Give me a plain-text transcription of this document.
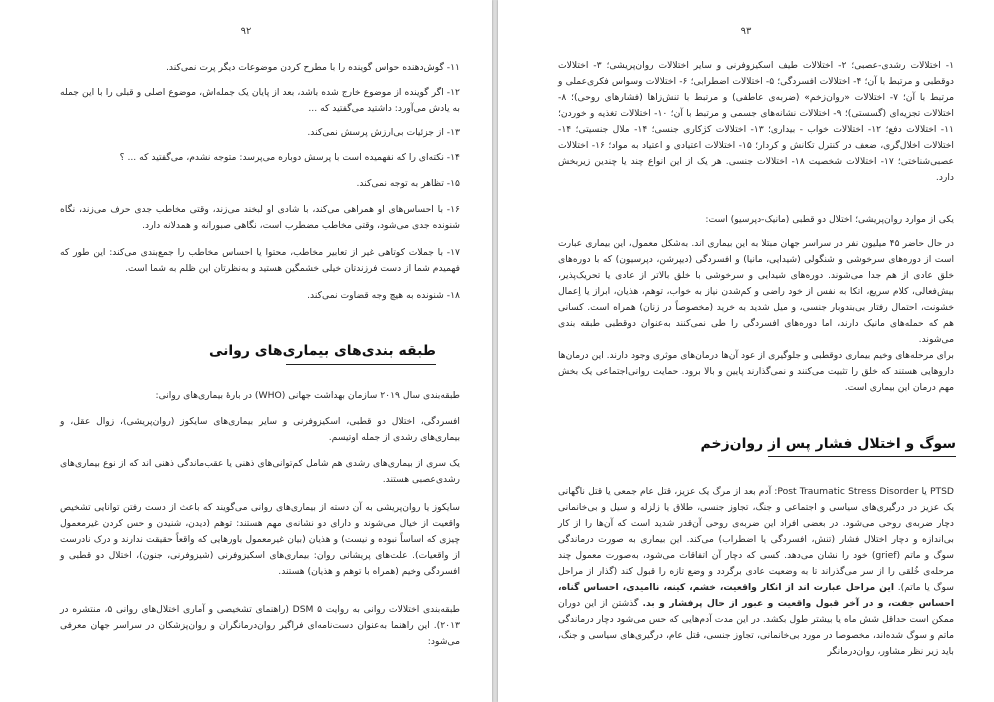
۹۲
۱۱- گوش‌دهنده حواس گوینده را با مطرح کردن موضوعات دیگر پرت نمی‌کند.
۱۲- اگر گوینده از موضوع خارج شده باشد، بعد از پایان یک جمله‌اش، موضوع اصلی و قبلی را با این جمله به یادش می‌آورد: داشتید می‌گفتید که ...
۱۳- از جزئیات بی‌ارزش پرسش نمی‌کند.
۱۴- نکته‌ای را که نفهمیده است با پرسش دوباره می‌پرسد: متوجه نشدم، می‌گفتید که ... ؟
۱۵- تظاهر به توجه نمی‌کند.
۱۶- با احساس‌های او همراهی می‌کند، با شادی او لبخند می‌زند، وقتی مخاطب جدی حرف می‌زند، نگاه شنونده جدی می‌شود، وقتی مخاطب مضطرب است، نگاهی صبورانه و همدلانه دارد.
۱۷- با جملات کوتاهی غیر از تعابیر مخاطب، محتوا یا احساس مخاطب را جمع‌بندی می‌کند: این طور که فهمیدم شما از دست فرزندتان خیلی خشمگین هستید و به‌نظرتان این ظلم به شما است.
۱۸- شنونده به هیچ وجه قضاوت نمی‌کند.
طبقه بندی‌های بیماری‌های روانی
طبقه‌بندی سال ۲۰۱۹ سازمان بهداشت جهانی (WHO) در بارهٔ بیماری‌های روانی:
افسردگی، اختلال دو قطبی، اسکیزوفرنی و سایر بیماری‌های سایکوز (روان‌پریشی)، زوال عقل، و بیماری‌های رشدی از جمله اوتیسم.
یک سری از بیماری‌های رشدی هم شامل کم‌توانی‌های ذهنی یا عقب‌ماندگی ذهنی اند که از نوع بیماری‌های رشدی‌عصبی هستند.
سایکوز یا روان‌پریشی به آن دسته از بیماری‌های روانی می‌گویند که باعث از دست رفتن توانایی تشخیص واقعیت از خیال می‌شوند و دارای دو نشانه‌ی مهم هستند: توهم (دیدن، شنیدن و حس کردن غیرمعمول چیزی که اساساً نبوده و نیست) و هذیان (بیان غیرمعمول باورهایی که واقعاً حقیقت ندارند و درک نادرست از واقعیات). علت‌های پریشانی روان: بیماری‌های اسکیزوفرنی (شیزوفرنی، جنون)، اختلال دو قطبی و افسردگی وخیم (همراه با توهم و هذیان) هستند.
طبقه‌بندی اختلالات روانی به روایت DSM ۵ (راهنمای تشخیصی و آماری اختلال‌های روانی ۵، منتشره در ۲۰۱۳). این راهنما به‌عنوان دست‌نامه‌ای فراگیر روان‌درمانگران و روان‌پزشکان در سراسر جهان معرفی می‌شود:
۹۳
۱- اختلالات رشدی-عصبی؛ ۲- اختلالات طیف اسکیزوفرنی و سایر اختلالات روان‌پریشی؛ ۳- اختلالات دوقطبی و مرتبط با آن؛ ۴- اختلالات افسردگی؛ ۵- اختلالات اضطرابی؛ ۶- اختلالات وسواس فکری‌عملی و مرتبط با آن؛ ۷- اختلالات «روان‌زخم» (ضربه‌ی عاطفی) و مرتبط با تنش‌زاها (فشارهای روحی)؛ ۸- اختلالات تجزیه‌ای (گسستی)؛ ۹- اختلالات نشانه‌های جسمی و مرتبط با آن؛ ۱۰- اختلالات تغذیه و خوردن؛ ۱۱- اختلالات دفع؛ ۱۲- اختلالات خواب - بیداری؛ ۱۳- اختلالات کژکاری جنسی؛ ۱۴- ملال جنسیتی؛ ۱۴- اختلالات اخلال‌گری، ضعف در کنترل تکانش و کردار؛ ۱۵- اختلالات اعتیادی و اعتیاد به مواد؛ ۱۶- اختلالات عصبی‌شناختی؛ ۱۷- اختلالات شخصیت ۱۸- اختلالات جنسی. هر یک از این انواع چند یا چندین زیربخش دارد.
یکی از موارد روان‌پریشی؛ اختلال دو قطبی (مانیک-دپرسیو) است:
در حال حاضر ۴۵ میلیون نفر در سراسر جهان مبتلا به این بیماری اند. به‌شکل معمول، این بیماری عبارت است از دوره‌های سرخوشی و شنگولی (شیدایی، مانیا) و افسردگی (دیپرشن، دپرسیون) که با دوره‌های خلق عادی از هم جدا می‌شوند. دوره‌های شیدایی و سرخوشی با خلق بالاتر از عادی یا تحریک‌پذیر، بیش‌فعالی، کلام سریع، اتکا به نفس از خود راضی و کم‌شدن نیاز به خواب، توهم، هذیان، ابراز یا اِعمال خشونت، احتمال رفتار بی‌بندوبار جنسی، و میل شدید به خرید (مخصوصاً در زنان) همراه است. کسانی هم که حمله‌های مانیک دارند، اما دوره‌های افسردگی را طی نمی‌کنند به‌عنوان دوقطبی طبقه بندی می‌شوند.
برای مرحله‌های وخیم بیماری دوقطبی و جلوگیری از عود آن‌ها درمان‌های موثری وجود دارند. این درمان‌ها داروهایی هستند که خلق را تثبیت می‌کنند و نمی‌گذارند پایین و بالا برود. حمایت روانی‌اجتماعی یک بخش مهم درمان این بیماری است.
سوگ و اختلال فشار پس از روان‌زخم
PTSD یا Post Traumatic Stress Disorder: آدم بعد از مرگ یک عزیز، قتل عام جمعی یا قتل ناگهانی یک عزیز در درگیری‌های سیاسی و اجتماعی و جنگ، تجاوز جنسی، طلاق یا زلزله و سیل و بی‌خانمانی دچار ضربه‌ی روحی می‌شود. در بعضی افراد این ضربه‌ی روحی آن‌قدر شدید است که آن‌ها را از کار بی‌اندازه و دچار اختلال فشار (تنش، افسردگی یا اضطراب) می‌کند. این بیماری به صورت درماندگی سوگ و ماتم (grief) خود را نشان می‌دهد. کسی که دچار آن اتفاقات می‌شود، به‌صورت معمول چند مرحله‌ی خُلقی را از سر می‌گذراند تا به وضعیت عادی برگردد و وضع تازه را قبول کند (گذار از مراحل سوگ یا ماتم). این مراحل عبارت اند از انکار واقعیت، خشم، کینه، ناامیدی، احساس گناه، احساس جفت، و در آخر قبول واقعیت و عبور از حال پرفشار و بد. گذشتن از این دوران ممکن است حداقل شش ماه یا بیشتر طول بکشد. در این مدت آدم‌هایی که حس می‌شود دچار درماندگی ماتم و سوگ شده‌اند، مخصوصا در مورد بی‌خانمانی، تجاوز جنسی، قتل عام، درگیری‌های سیاسی و جنگ، باید زیر نظر مشاور، روان‌درمانگر
